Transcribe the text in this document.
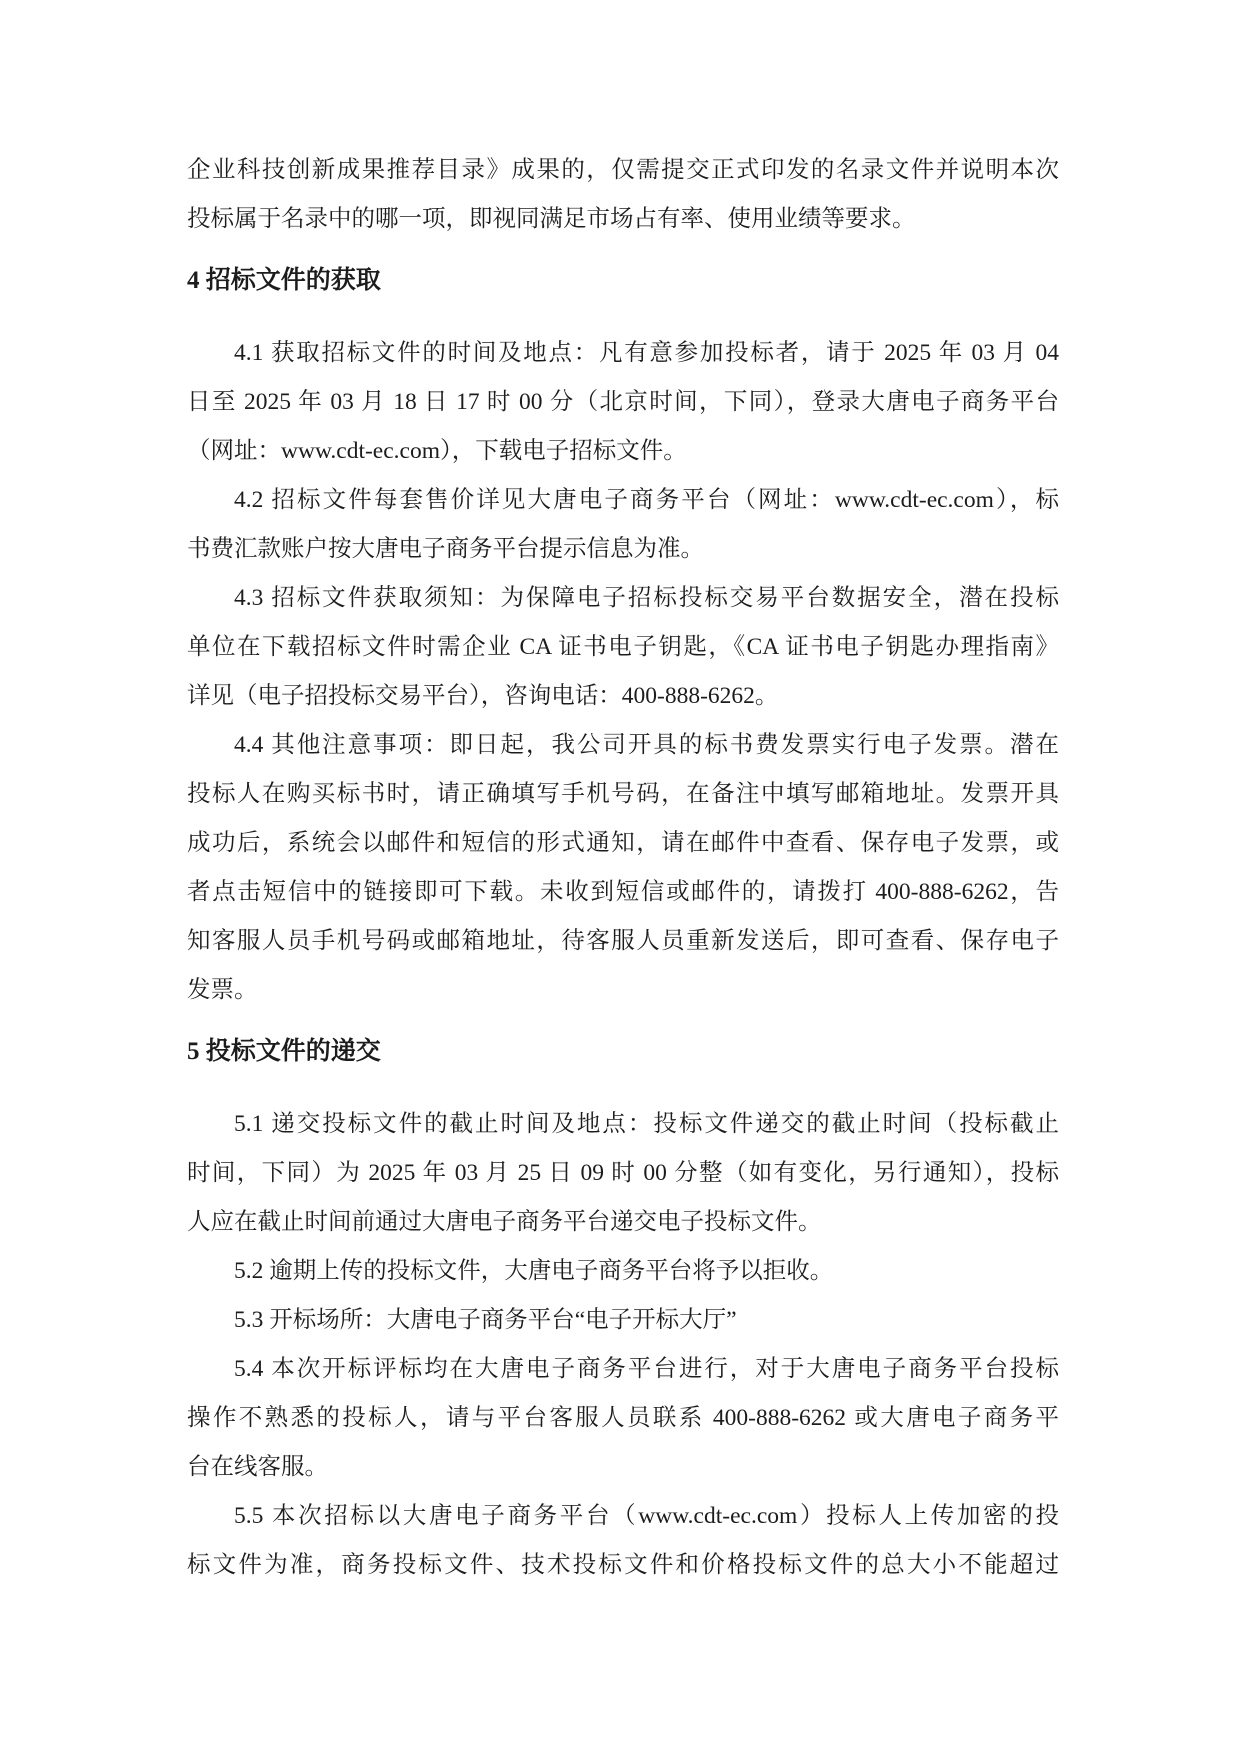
企业科技创新成果推荐目录》成果的，仅需提交正式印发的名录文件并说明本次
投标属于名录中的哪一项，即视同满足市场占有率、使用业绩等要求。
4 招标文件的获取
4.1 获取招标文件的时间及地点：凡有意参加投标者，请于 2025 年 03 月 04
日至 2025 年 03 月 18 日 17 时 00 分（北京时间，下同），登录大唐电子商务平台
（网址：www.cdt-ec.com），下载电子招标文件。
4.2 招标文件每套售价详见大唐电子商务平台（网址：www.cdt-ec.com），标
书费汇款账户按大唐电子商务平台提示信息为准。
4.3 招标文件获取须知：为保障电子招标投标交易平台数据安全，潜在投标
单位在下载招标文件时需企业 CA 证书电子钥匙，《CA 证书电子钥匙办理指南》
详见（电子招投标交易平台），咨询电话：400-888-6262。
4.4 其他注意事项：即日起，我公司开具的标书费发票实行电子发票。潜在
投标人在购买标书时，请正确填写手机号码，在备注中填写邮箱地址。发票开具
成功后，系统会以邮件和短信的形式通知，请在邮件中查看、保存电子发票，或
者点击短信中的链接即可下载。未收到短信或邮件的，请拨打 400-888-6262，告
知客服人员手机号码或邮箱地址，待客服人员重新发送后，即可查看、保存电子
发票。
5 投标文件的递交
5.1 递交投标文件的截止时间及地点：投标文件递交的截止时间（投标截止
时间，下同）为 2025 年 03 月 25 日 09 时 00 分整（如有变化，另行通知），投标
人应在截止时间前通过大唐电子商务平台递交电子投标文件。
5.2 逾期上传的投标文件，大唐电子商务平台将予以拒收。
5.3 开标场所：大唐电子商务平台“电子开标大厅”
5.4 本次开标评标均在大唐电子商务平台进行，对于大唐电子商务平台投标
操作不熟悉的投标人，请与平台客服人员联系 400-888-6262 或大唐电子商务平
台在线客服。
5.5 本次招标以大唐电子商务平台（www.cdt-ec.com）投标人上传加密的投
标文件为准，商务投标文件、技术投标文件和价格投标文件的总大小不能超过
